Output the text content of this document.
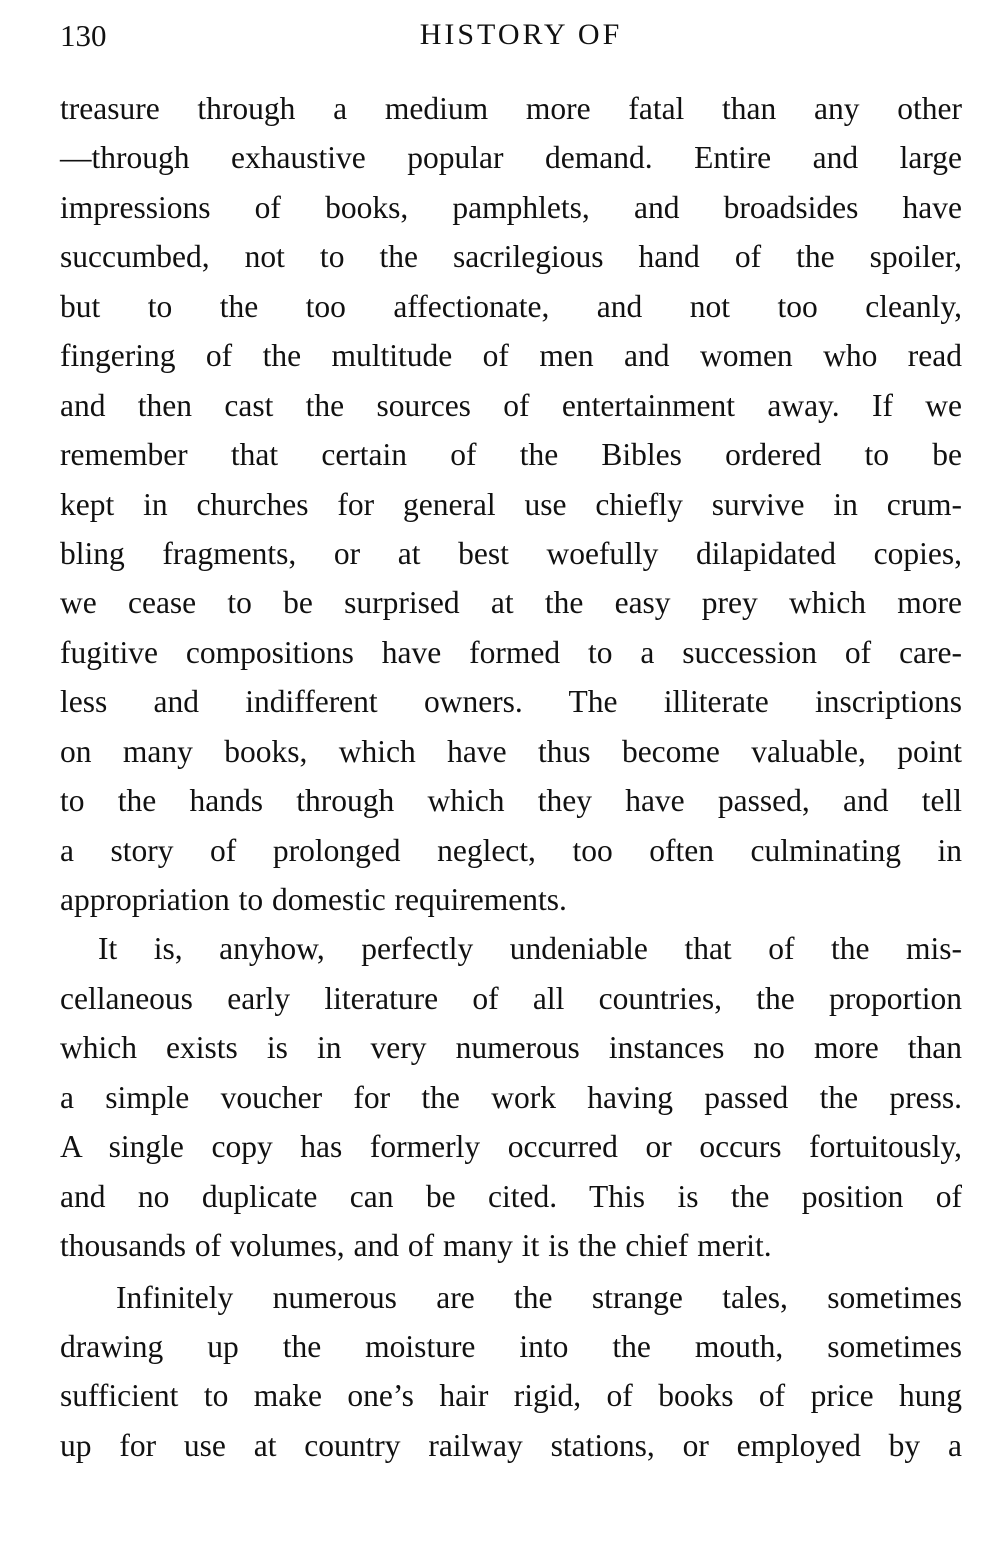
130	HISTORY OF
treasure through a medium more fatal than any other
—through exhaustive popular demand. Entire and large
impressions of books, pamphlets, and broadsides have
succumbed, not to the sacrilegious hand of the spoiler,
but to the too affectionate, and not too cleanly,
fingering of the multitude of men and women who read
and then cast the sources of entertainment away. If we
remember that certain of the Bibles ordered to be
kept in churches for general use chiefly survive in crum-
bling fragments, or at best woefully dilapidated copies,
we cease to be surprised at the easy prey which more
fugitive compositions have formed to a succession of care-
less and indifferent owners. The illiterate inscriptions
on many books, which have thus become valuable, point
to the hands through which they have passed, and tell
a story of prolonged neglect, too often culminating in
appropriation to domestic requirements.
It is, anyhow, perfectly undeniable that of the mis-
cellaneous early literature of all countries, the proportion
which exists is in very numerous instances no more than
a simple voucher for the work having passed the press.
A single copy has formerly occurred or occurs fortuitously,
and no duplicate can be cited. This is the position of
thousands of volumes, and of many it is the chief merit.
Infinitely numerous are the strange tales, sometimes
drawing up the moisture into the mouth, sometimes
sufficient to make one’s hair rigid, of books of price hung
up for use at country railway stations, or employed by a
